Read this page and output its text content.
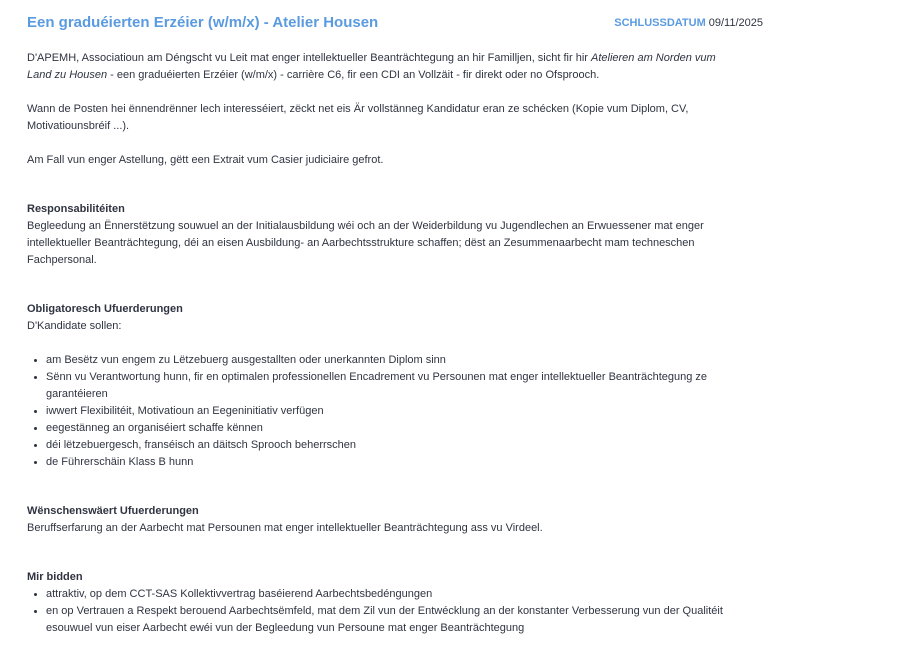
Een graduéierten Erzéier (w/m/x) - Atelier Housen	SCHLUSSDATUM 09/11/2025

D'APEMH, Associatioun am Déngscht vu Leit mat enger intellektueller Beanträchtegung an hir Familljen, sicht fir hir Atelieren am Norden vum Land zu Housen - een graduéierten Erzéier (w/m/x) - carrière C6, fir een CDI an Vollzäit - fir direkt oder no Ofsprooch.

Wann de Posten hei ënnendrënner lech interesséiert, zëckt net eis Är vollstänneg Kandidatur eran ze schécken (Kopie vum Diplom, CV, Motivatiounsbréif ...).

Am Fall vun enger Astellung, gëtt een Extrait vum Casier judiciaire gefrot.

Responsabilitéiten

Begleedung an Ënnerstëtzung souwuel an der Initialausbildung wéi och an der Weiderbildung vu Jugendlechen an Erwuessener mat enger intellektueller Beanträchtegung, déi an eisen Ausbildung- an Aarbechtsstrukture schaffen; dëst an Zesummenaarbecht mam techneschen Fachpersonal.

Obligatoresch Ufuerderungen

D'Kandidate sollen:

• am Besëtz vun engem zu Lëtzebuerg ausgestallten oder unerkannten Diplom sinn
• Sënn vu Verantwortung hunn, fir en optimalen professionellen Encadrement vu Persounen mat enger intellektueller Beanträchtegung ze garantéieren
• iwwert Flexibilitéit, Motivatioun an Eegeninitiativ verfügen
• eegestänneg an organiséiert schaffe kënnen
• déi lëtzebuergesch, franséisch an däitsch Sprooch beherrschen
• de Führerschäin Klass B hunn

Wënschenswäert Ufuerderungen

Beruffserfarung an der Aarbecht mat Persounen mat enger intellektueller Beanträchtegung ass vu Virdeel.

Mir bidden

• attraktiv, op dem CCT-SAS Kollektivvertrag baséierend Aarbechtsbedéngungen
• en op Vertrauen a Respekt berouend Aarbechtsëmfeld, mat dem Zil vun der Entwécklung an der konstanter Verbesserung vun der Qualitéit esouwuel vun eiser Aarbecht ewéi vun der Begleedung vun Persoune mat enger Beanträchtegung
